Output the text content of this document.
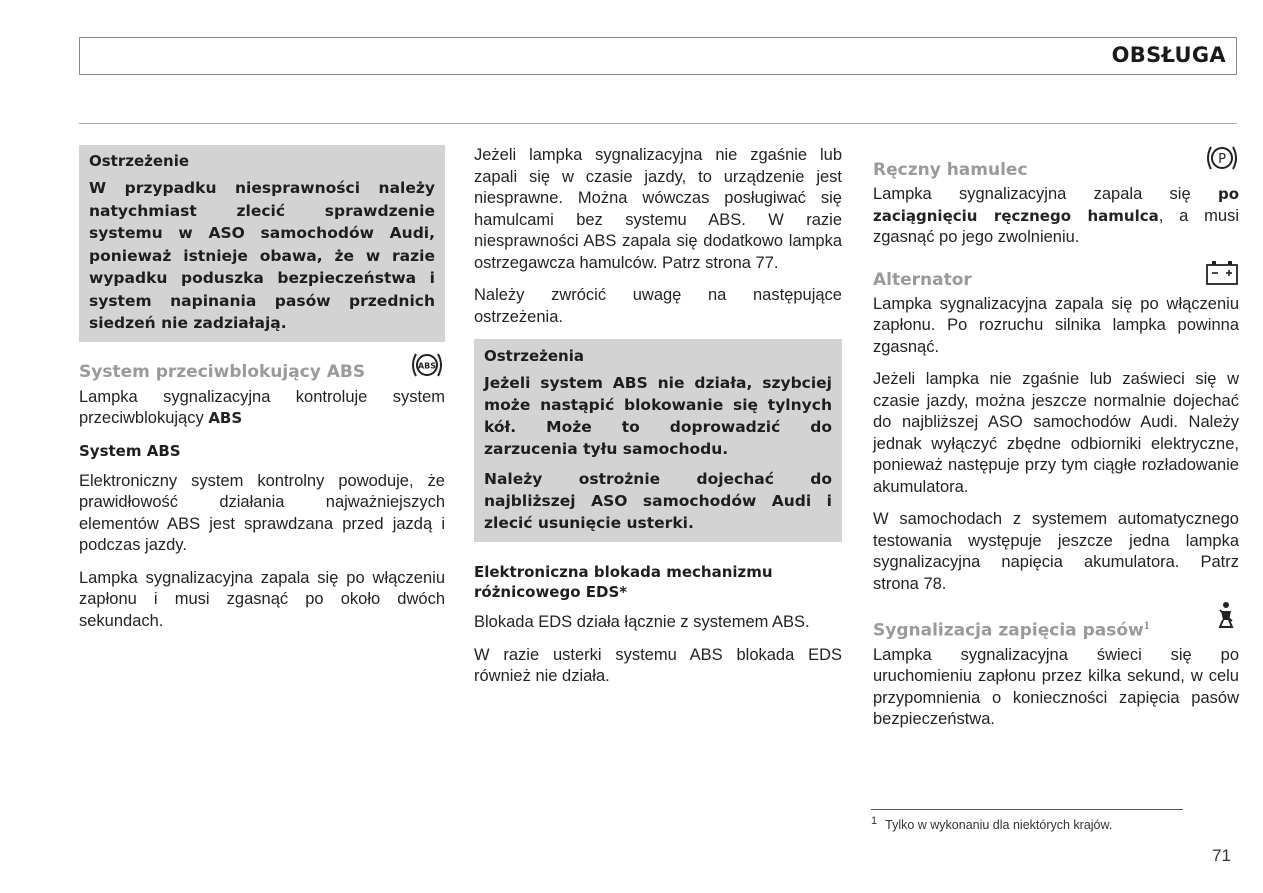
OBSŁUGA
Ostrzeżenie
W przypadku niesprawności należy natychmiast zlecić sprawdzenie systemu w ASO samochodów Audi, ponieważ istnieje obawa, że w razie wypadku poduszka bezpieczeństwa i system napinania pasów przednich siedzeń nie zadziałają.
System przeciwblokujący ABS	ABS

Lampka sygnalizacyjna kontroluje system przeciwblokujący ABS

System ABS

Elektroniczny system kontrolny powoduje, że prawidłowość działania najważniejszych elementów ABS jest sprawdzana przed jazdą i podczas jazdy.

Lampka sygnalizacyjna zapala się po włączeniu zapłonu i musi zgasnąć po około dwóch sekundach.

Jeżeli lampka sygnalizacyjna nie zgaśnie lub zapali się w czasie jazdy, to urządzenie jest niesprawne. Można wówczas posługiwać się hamulcami bez systemu ABS. W razie niesprawności ABS zapala się dodatkowo lampka ostrzegawcza hamulców. Patrz strona 77.

Należy zwrócić uwagę na następujące ostrzeżenia.

Ostrzeżenia
Jeżeli system ABS nie działa, szybciej może nastąpić blokowanie się tylnych kół. Może to doprowadzić do zarzucenia tyłu samochodu.
Należy ostrożnie dojechać do najbliższej ASO samochodów Audi i zlecić usunięcie usterki.
Elektroniczna blokada mechanizmu różnicowego EDS*

Blokada EDS działa łącznie z systemem ABS.

W razie usterki systemu ABS blokada EDS również nie działa.

Ręczny hamulec
P

Lampka sygnalizacyjna zapala się po zaciągnięciu ręcznego hamulca, a musi zgasnąć po jego zwolnieniu.

Alternator

Lampka sygnalizacyjna zapala się po włączeniu zapłonu. Po rozruchu silnika lampka powinna zgasnąć.

Jeżeli lampka nie zgaśnie lub zaświeci się w czasie jazdy, można jeszcze normalnie dojechać do najbliższej ASO samochodów Audi. Należy jednak wyłączyć zbędne odbiorniki elektryczne, ponieważ następuje przy tym ciągłe rozładowanie akumulatora.

W samochodach z systemem automatycznego testowania występuje jeszcze jedna lampka sygnalizacyjna napięcia akumulatora. Patrz strona 78.

Sygnalizacja zapięcia pasów$^1$

Lampka sygnalizacyjna świeci się po uruchomieniu zapłonu przez kilka sekund, w celu przypomnienia o konieczności zapięcia pasów bezpieczeństwa.

$^1$ Tylko w wykonaniu dla niektórych krajów.
71
